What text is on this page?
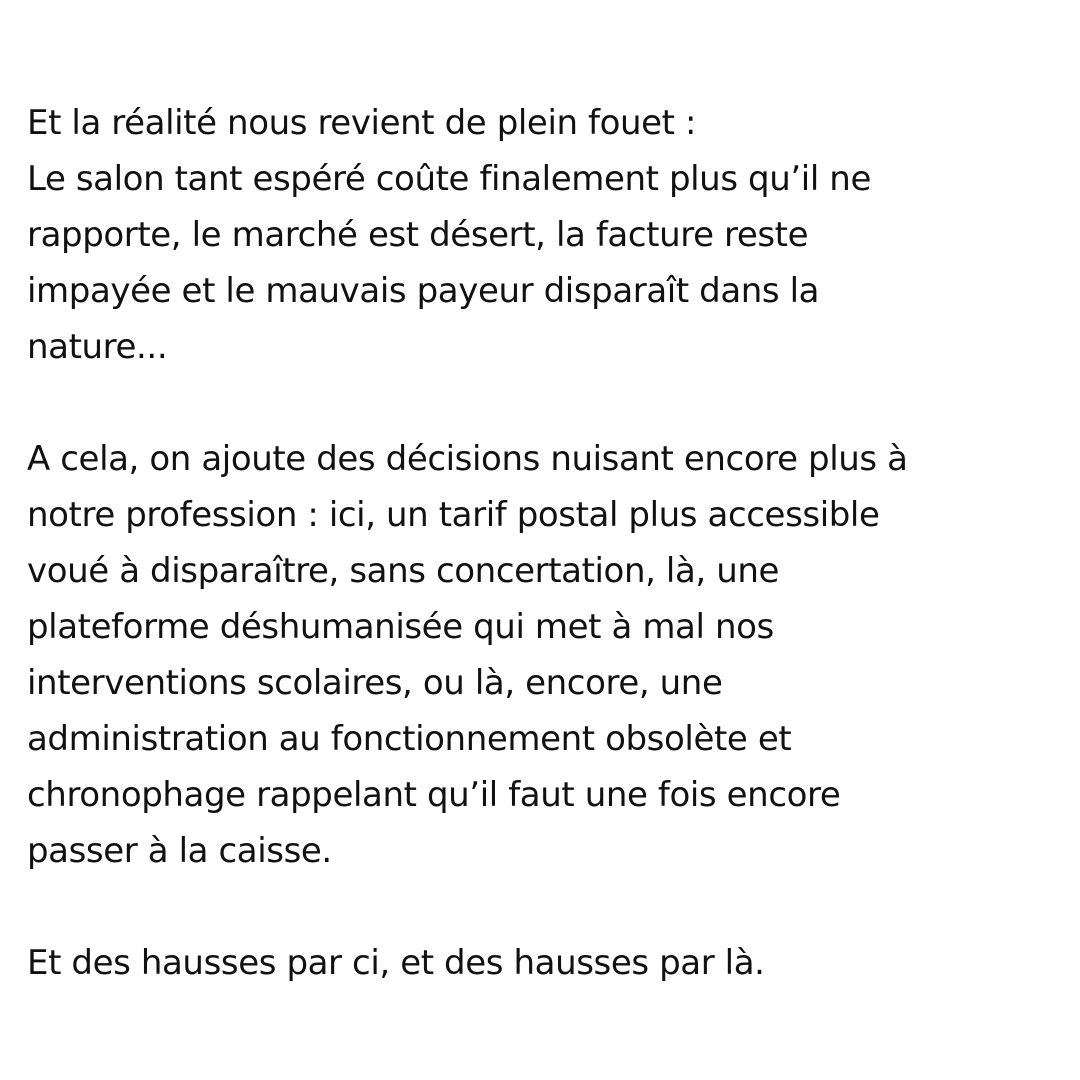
Et la réalité nous revient de plein fouet :
Le salon tant espéré coûte finalement plus qu’il ne
rapporte, le marché est désert, la facture reste
impayée et le mauvais payeur disparaît dans la
nature...

A cela, on ajoute des décisions nuisant encore plus à
notre profession : ici, un tarif postal plus accessible
voué à disparaître, sans concertation, là, une
plateforme déshumanisée qui met à mal nos
interventions scolaires, ou là, encore, une
administration au fonctionnement obsolète et
chronophage rappelant qu’il faut une fois encore
passer à la caisse.

Et des hausses par ci, et des hausses par là.
